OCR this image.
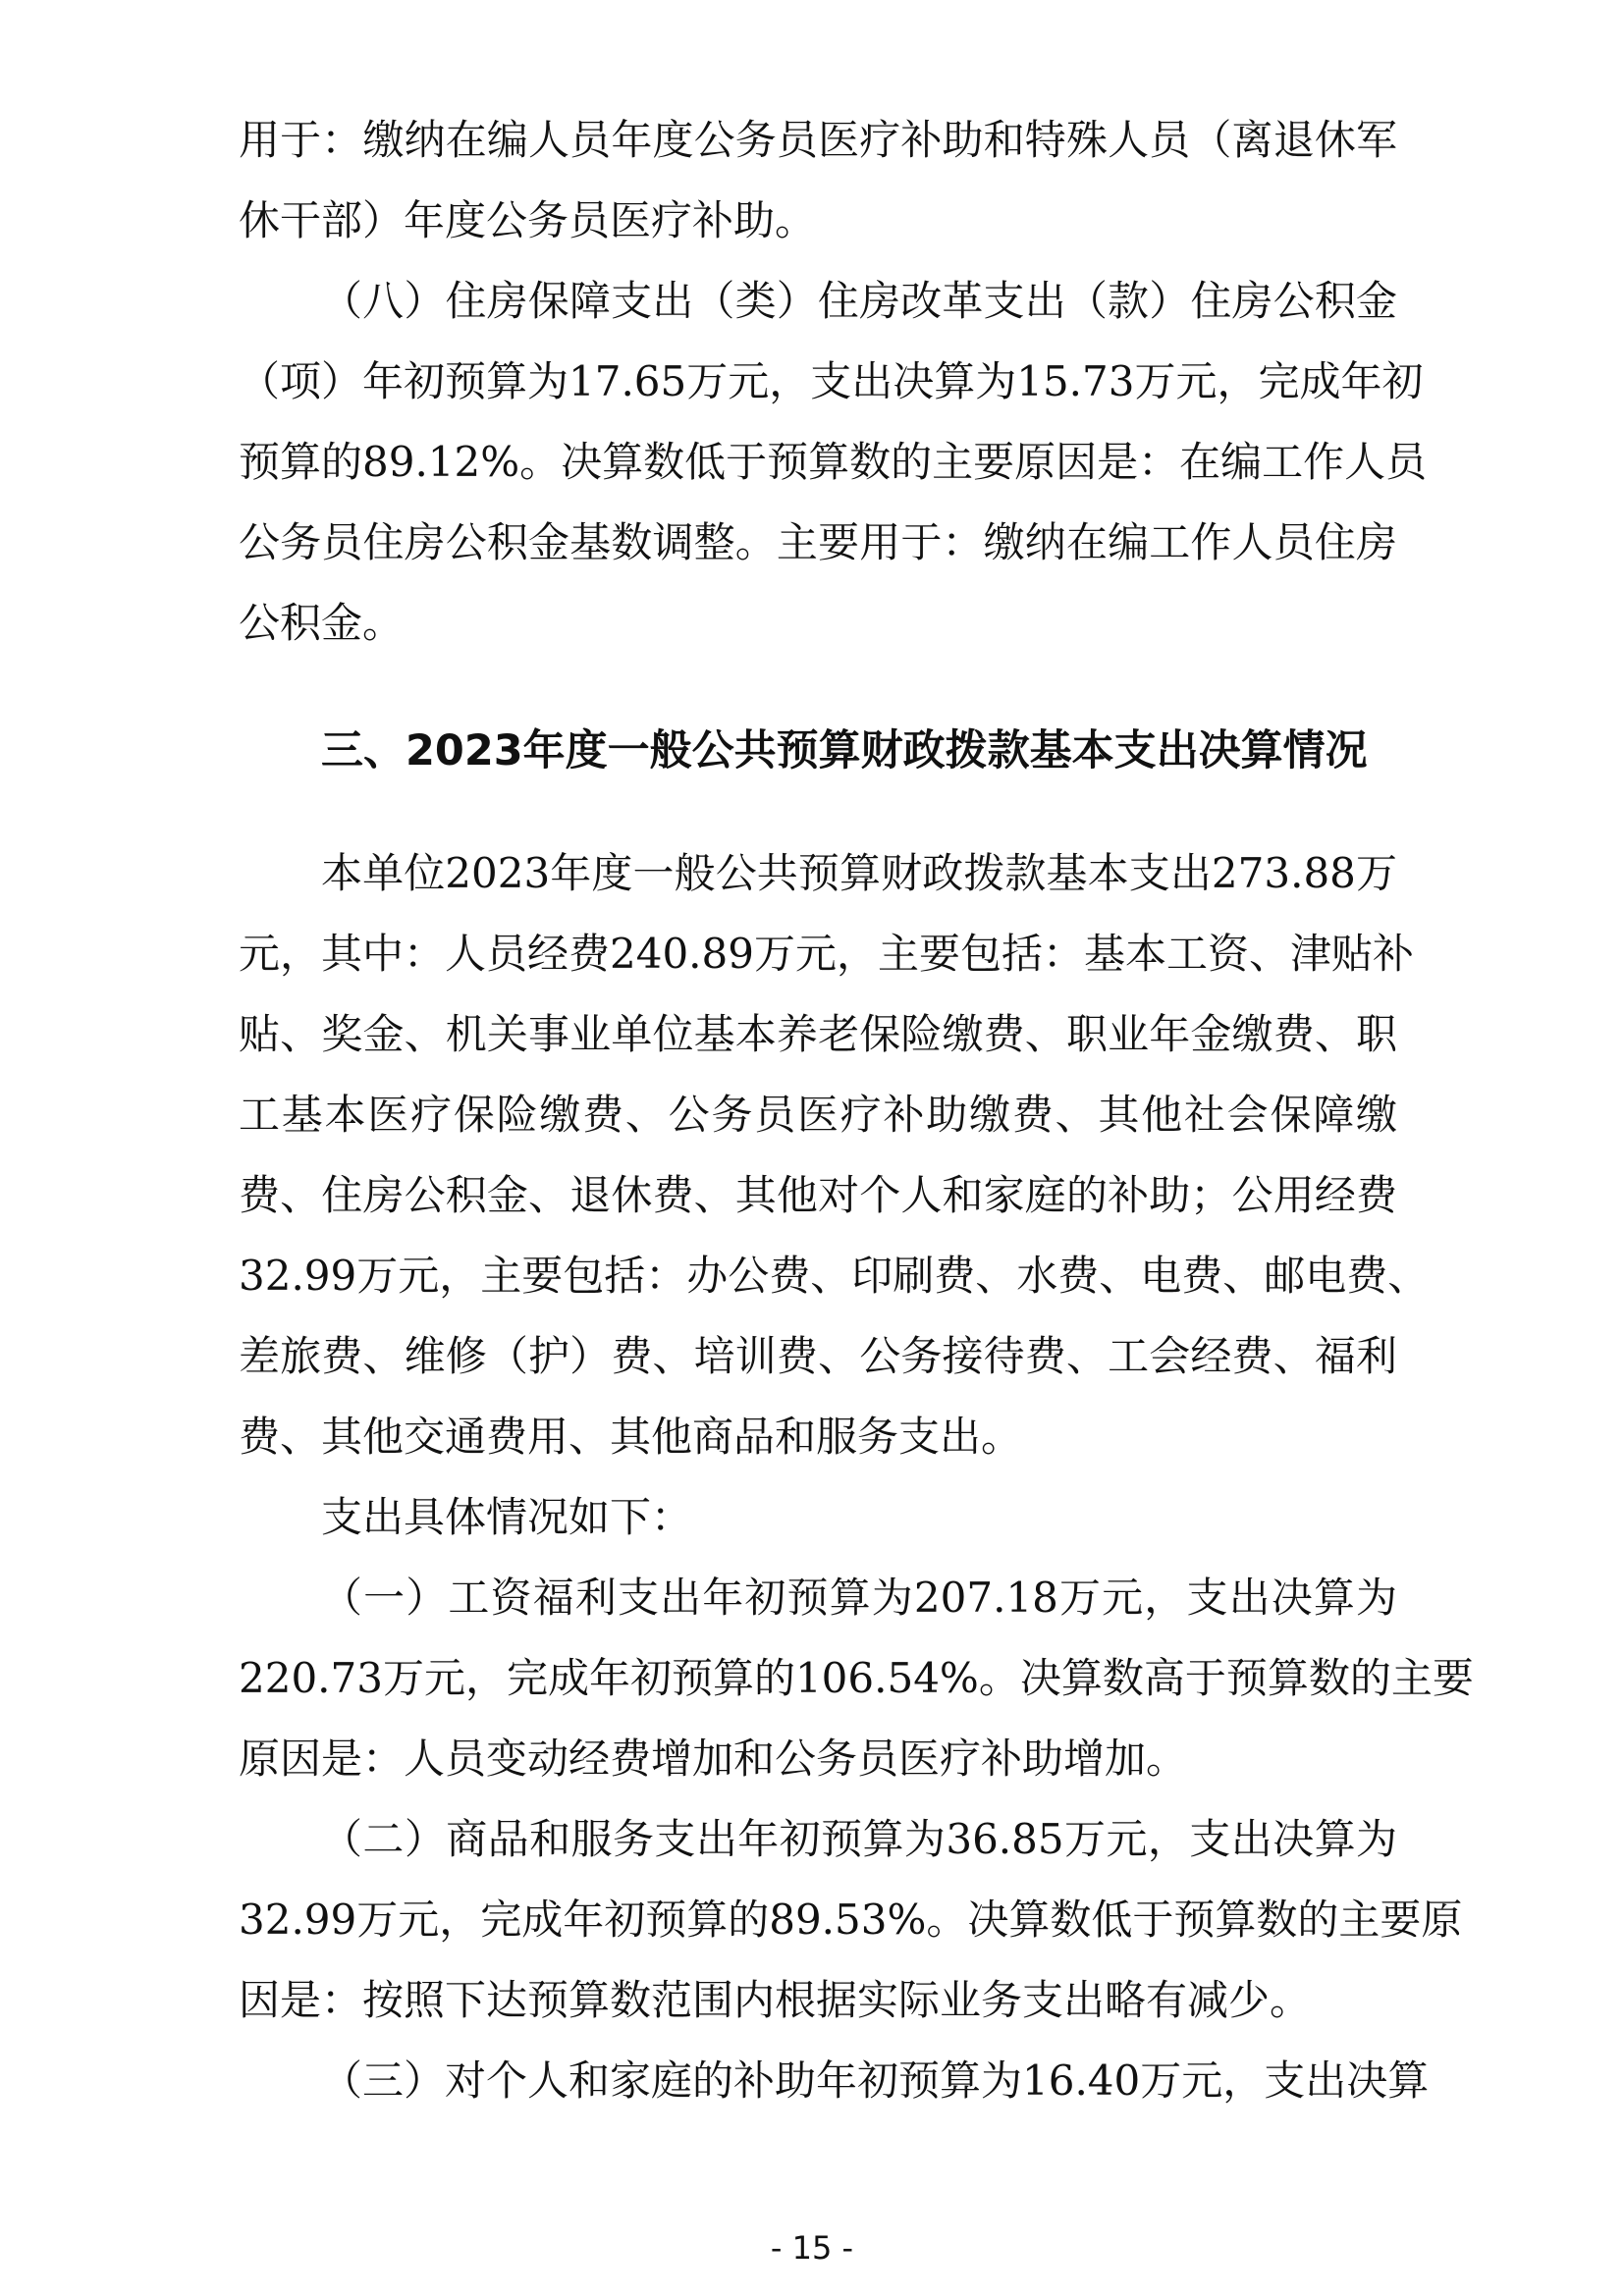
用于：缴纳在编人员年度公务员医疗补助和特殊人员（离退休军
休干部）年度公务员医疗补助。
（八）住房保障支出（类）住房改革支出（款）住房公积金
（项）年初预算为17.65万元，支出决算为15.73万元，完成年初
预算的89.12%。决算数低于预算数的主要原因是：在编工作人员
公务员住房公积金基数调整。主要用于：缴纳在编工作人员住房
公积金。
三、2023年度一般公共预算财政拨款基本支出决算情况
本单位2023年度一般公共预算财政拨款基本支出273.88万
元，其中：人员经费240.89万元，主要包括：基本工资、津贴补
贴、奖金、机关事业单位基本养老保险缴费、职业年金缴费、职
工基本医疗保险缴费、公务员医疗补助缴费、其他社会保障缴
费、住房公积金、退休费、其他对个人和家庭的补助；公用经费
32.99万元，主要包括：办公费、印刷费、水费、电费、邮电费、
差旅费、维修（护）费、培训费、公务接待费、工会经费、福利
费、其他交通费用、其他商品和服务支出。
支出具体情况如下：
（一）工资福利支出年初预算为207.18万元，支出决算为
220.73万元，完成年初预算的106.54%。决算数高于预算数的主要
原因是：人员变动经费增加和公务员医疗补助增加。
（二）商品和服务支出年初预算为36.85万元，支出决算为
32.99万元，完成年初预算的89.53%。决算数低于预算数的主要原
因是：按照下达预算数范围内根据实际业务支出略有减少。
（三）对个人和家庭的补助年初预算为16.40万元，支出决算
- 15 -
